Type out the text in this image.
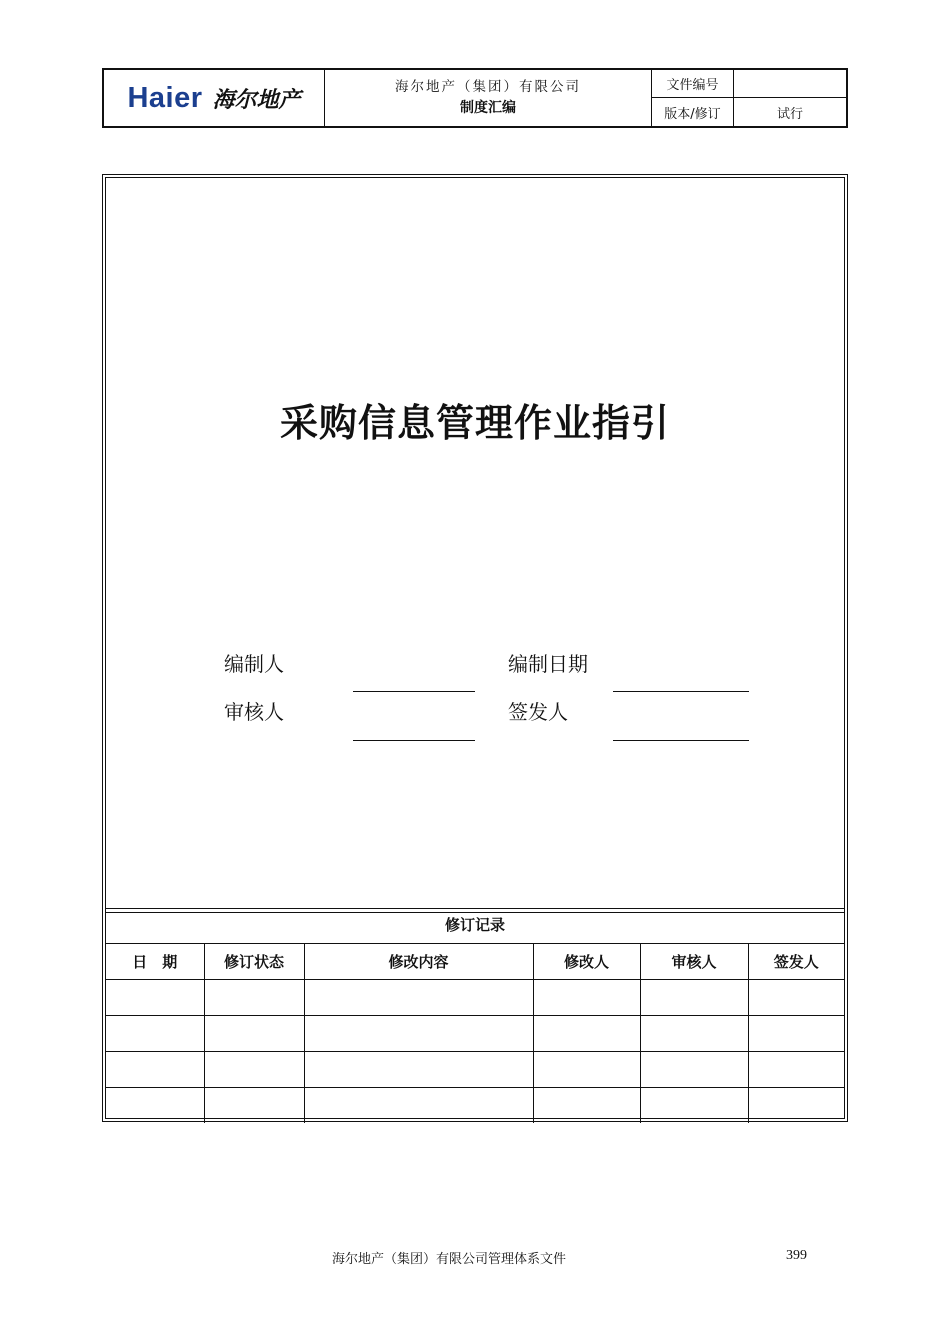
Haier 海尔地产	海尔地产（集团）有限公司
制度汇编
文件编号
版本/修订	试行
采购信息管理作业指引
编制人	编制日期
审核人	签发人
修订记录
日　期	修订状态	修改内容	修改人	审核人	签发人

海尔地产（集团）有限公司管理体系文件	399
